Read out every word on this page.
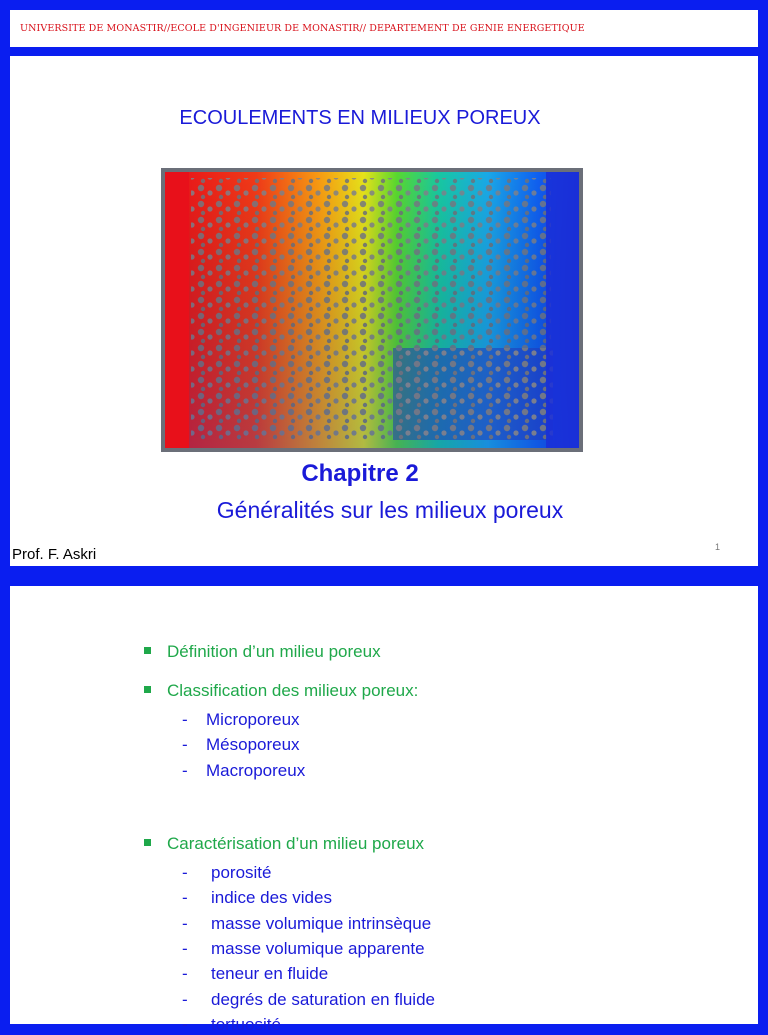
UNIVERSITE DE MONASTIR//ECOLE D'INGENIEUR DE MONASTIR// DEPARTEMENT DE GENIE ENERGETIQUE
ECOULEMENTS EN MILIEUX POREUX
Chapitre 2
Généralités sur les milieux poreux
Prof. F. Askri	1
Définition d’un milieu poreux
Classification des milieux poreux:
- Microporeux
- Mésoporeux
- Macroporeux
Caractérisation d’un milieu poreux
- porosité
- indice des vides
- masse volumique intrinsèque
- masse volumique apparente
- teneur en fluide
- degrés de saturation en fluide
- tortuosité
